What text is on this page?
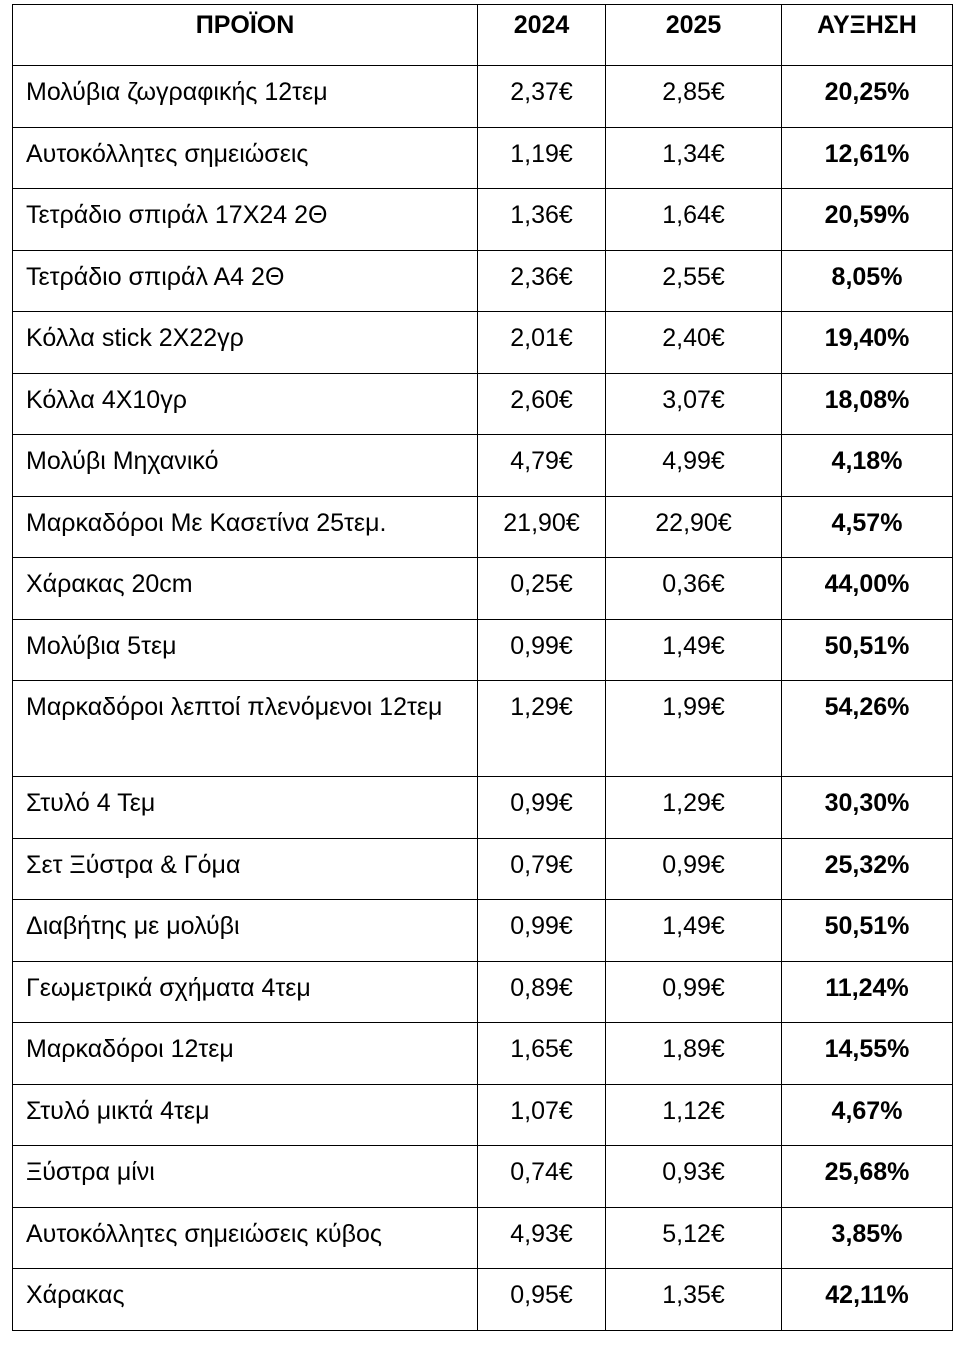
ΠΡΟΪΟΝ	2024	2025	ΑΥΞΗΣΗ
Μολύβια ζωγραφικής 12τεμ	2,37€	2,85€	20,25%
Αυτοκόλλητες σημειώσεις	1,19€	1,34€	12,61%
Τετράδιο σπιράλ 17Χ24 2Θ	1,36€	1,64€	20,59%
Τετράδιο σπιράλ Α4 2Θ	2,36€	2,55€	8,05%
Κόλλα stick 2Χ22γρ	2,01€	2,40€	19,40%
Κόλλα 4Χ10γρ	2,60€	3,07€	18,08%
Μολύβι Μηχανικό	4,79€	4,99€	4,18%
Μαρκαδόροι Με Κασετίνα 25τεμ.	21,90€	22,90€	4,57%
Χάρακας 20cm	0,25€	0,36€	44,00%
Μολύβια 5τεμ	0,99€	1,49€	50,51%
Μαρκαδόροι λεπτοί πλενόμενοι 12τεμ	1,29€	1,99€	54,26%
Στυλό 4 Τεμ	0,99€	1,29€	30,30%
Σετ Ξύστρα & Γόμα	0,79€	0,99€	25,32%
Διαβήτης με μολύβι	0,99€	1,49€	50,51%
Γεωμετρικά σχήματα 4τεμ	0,89€	0,99€	11,24%
Μαρκαδόροι 12τεμ	1,65€	1,89€	14,55%
Στυλό μικτά 4τεμ	1,07€	1,12€	4,67%
Ξύστρα μίνι	0,74€	0,93€	25,68%
Αυτοκόλλητες σημειώσεις κύβος	4,93€	5,12€	3,85%
Χάρακας	0,95€	1,35€	42,11%
